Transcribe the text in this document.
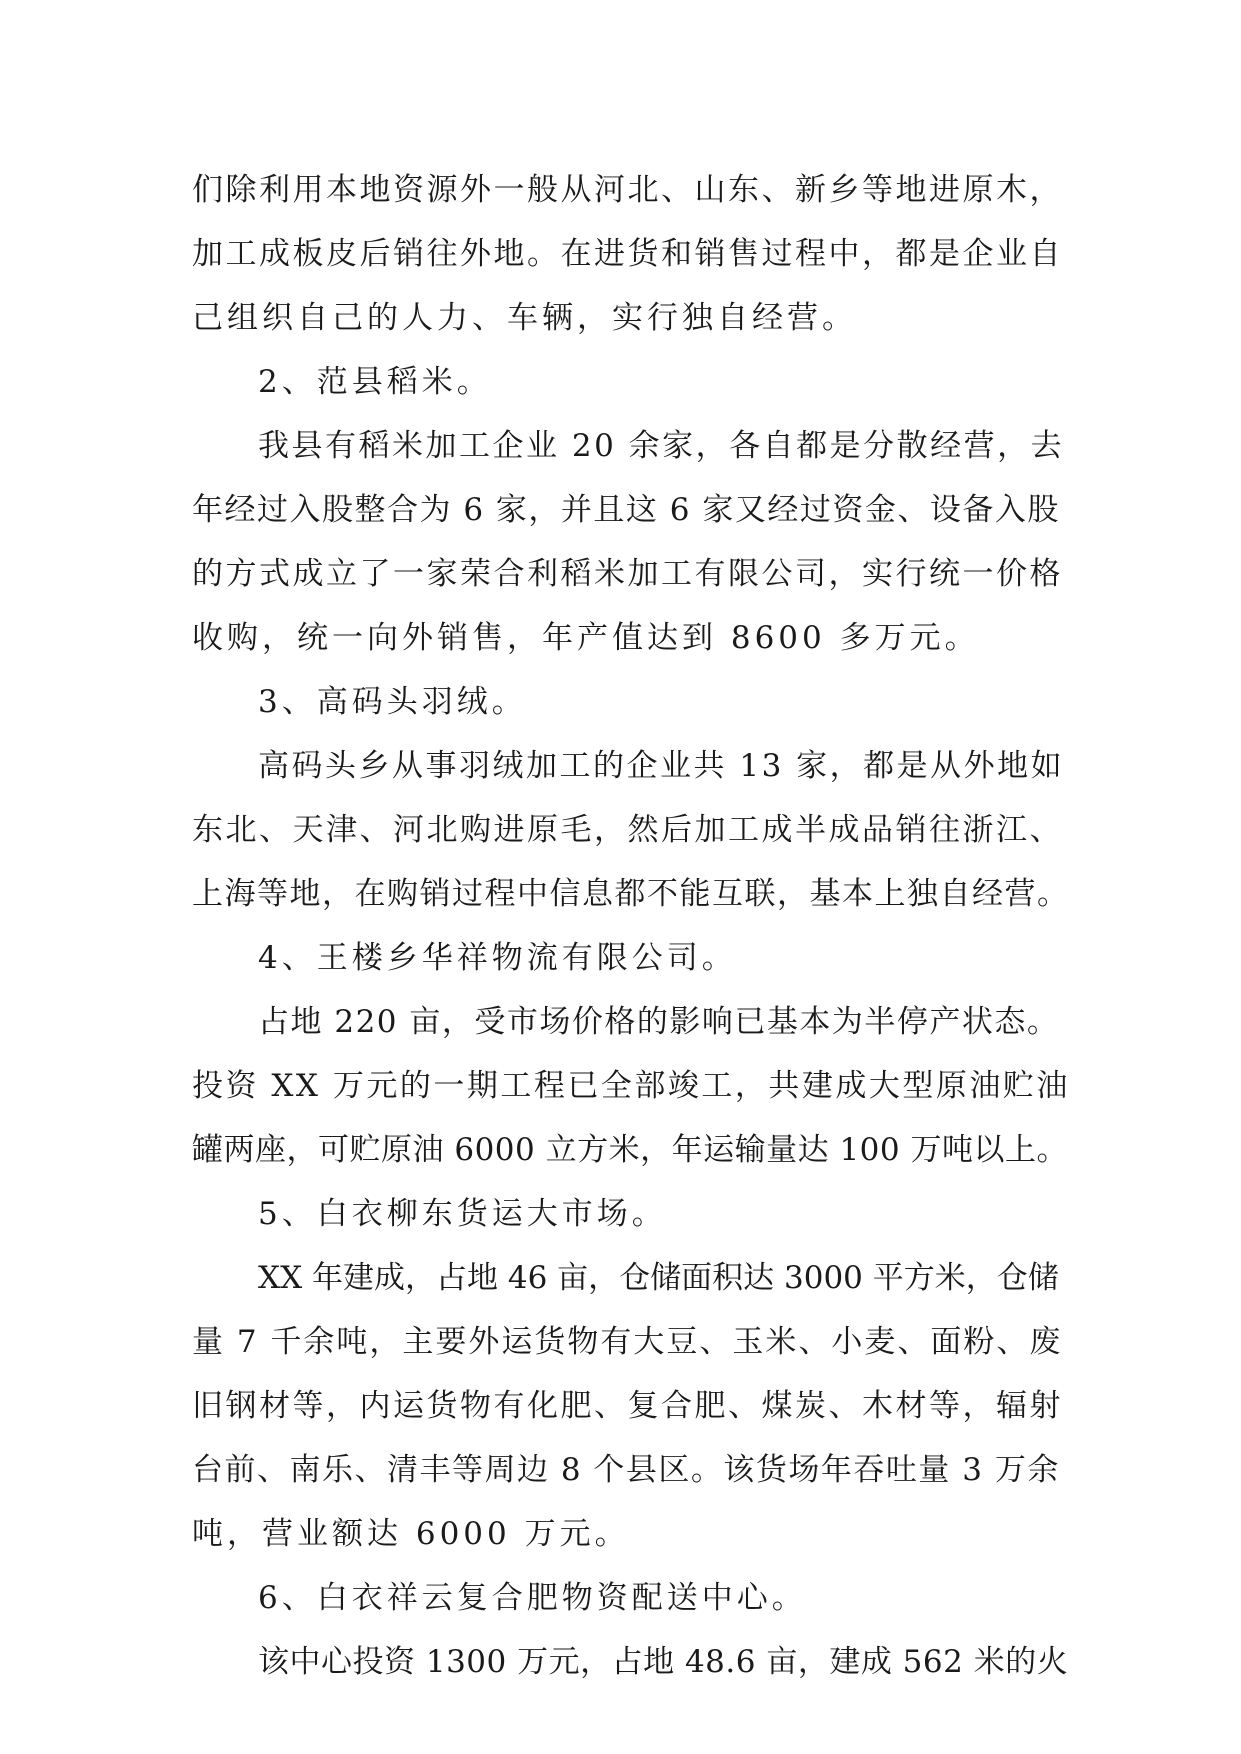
们除利用本地资源外一般从河北、山东、新乡等地进原木，
加工成板皮后销往外地。在进货和销售过程中，都是企业自
己组织自己的人力、车辆，实行独自经营。
2、范县稻米。
我县有稻米加工企业 20 余家，各自都是分散经营，去
年经过入股整合为 6 家，并且这 6 家又经过资金、设备入股
的方式成立了一家荣合利稻米加工有限公司，实行统一价格
收购，统一向外销售，年产值达到 8600 多万元。
3、高码头羽绒。
高码头乡从事羽绒加工的企业共 13 家，都是从外地如
东北、天津、河北购进原毛，然后加工成半成品销往浙江、
上海等地，在购销过程中信息都不能互联，基本上独自经营。
4、王楼乡华祥物流有限公司。
占地 220 亩，受市场价格的影响已基本为半停产状态。
投资 XX 万元的一期工程已全部竣工，共建成大型原油贮油
罐两座，可贮原油 6000 立方米，年运输量达 100 万吨以上。
5、白衣柳东货运大市场。
XX 年建成，占地 46 亩，仓储面积达 3000 平方米，仓储
量 7 千余吨，主要外运货物有大豆、玉米、小麦、面粉、废
旧钢材等，内运货物有化肥、复合肥、煤炭、木材等，辐射
台前、南乐、清丰等周边 8 个县区。该货场年吞吐量 3 万余
吨，营业额达 6000 万元。
6、白衣祥云复合肥物资配送中心。
该中心投资 1300 万元，占地 48.6 亩，建成 562 米的火
